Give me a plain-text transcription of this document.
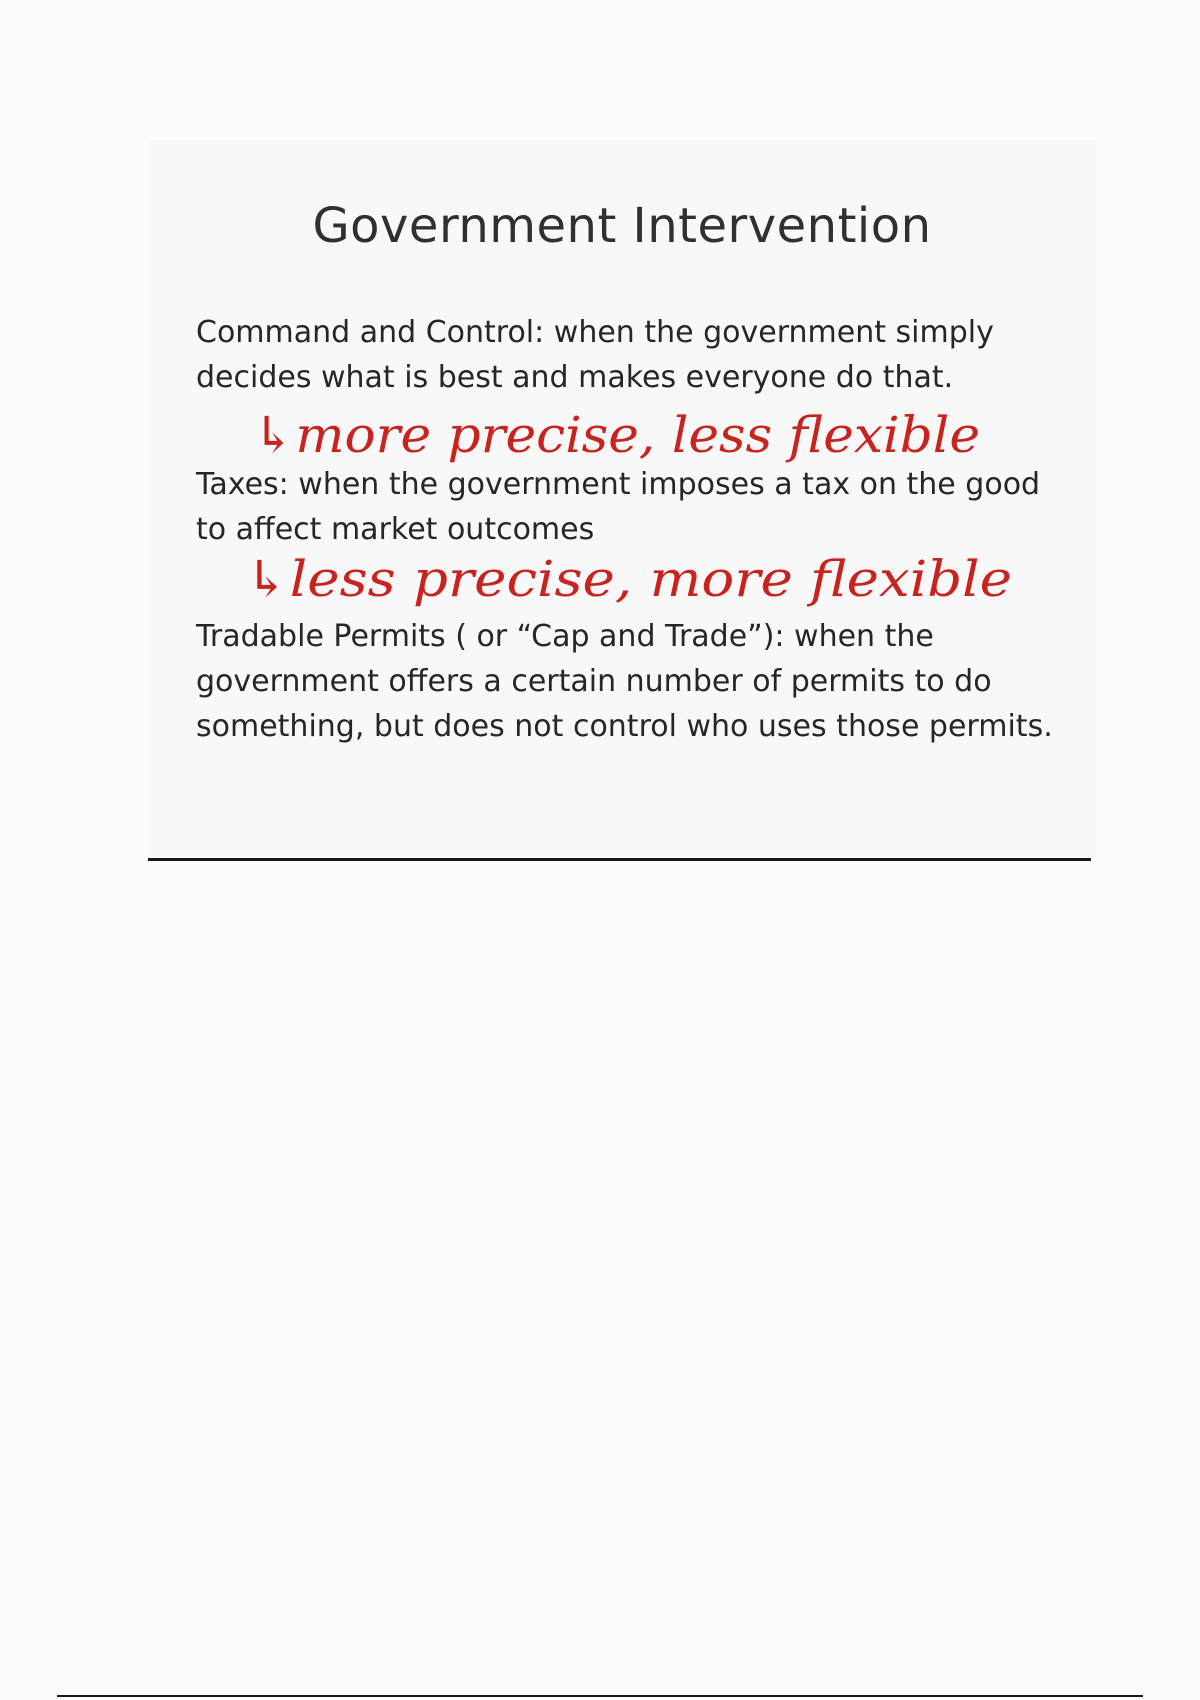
Government Intervention

Command and Control: when the government simply decides what is best and makes everyone do that.

Taxes: when the government imposes a tax on the good to affect market outcomes

Tradable Permits ( or “Cap and Trade”): when the government offers a certain number of permits to do something, but does not control who uses those permits.

↳more precise, less flexible
↳less precise, more flexible
